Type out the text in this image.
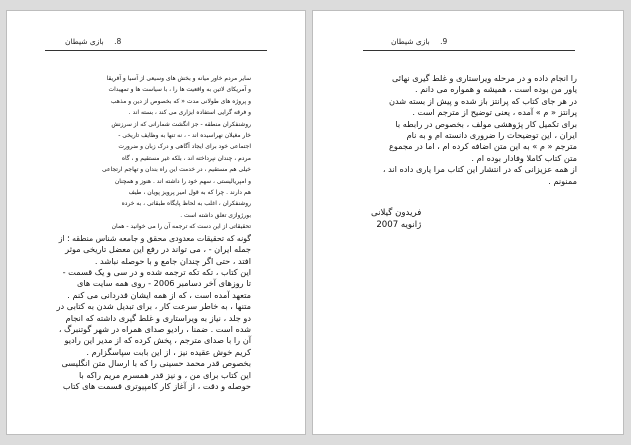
8. بازی شیطان

سایر مردم خاور میانه و بخش های وسیعی از آسیا و آفریقا

و آمریکای لاتین به واقعیت ها را ، با سیاست ها و تمهیدات

و پروژه های طولانی مدت « که بخصوص از دین و مذهب

و فرقه گرایی استفاده ابزاری می کند ، بسته اند .

روشنفکران منطقه - جز انگشت شمارانی که از سرزنش

خار مغیلان نهراسیده اند - ، نه تنها به وظایف تاریخی -

اجتماعی خود برای ایجاد آگاهی و درک زبان و ضرورت

مردم ، چندان نپرداخته اند ، بلکه غیر مستقیم و ، گاه

خیلی هم مستقیم ، در خدمت این راه بندان و تهاجم ارتجاعی

و امپریالیستی ، سهم خود را داشته اند . هنوز و همچنان

هم دارند . چرا که به قول امیر پرویز پویان ، طیف

روشنفکران ، اغلب به لحاظ پایگاه طبقاتی ، به خرده

بورژوازی تعلق داشته است .

تحقیقاتی از این دست که ترجمه آن را می خوانید - همان

گونه که تحقیقات معدودی محقق و جامعه شناس منطقه ؛ از

جمله ایران - ، می تواند در رفع این معضل تاریخی موثر

افتد ، حتی اگر چندان جامع و با حوصله نباشد .

این کتاب ، تکه تکه ترجمه شده و در سی و یک قسمت -

تا روزهای آخر دسامبر 2006 - روی همه سایت های

متعهد آمده است ، که از همه ایشان قدردانی می کنم .

متنها ، به خاطر سرعت کار ، برای تبدیل شدن به کتابی در

دو جلد ، نیاز به ویراستاری و غلط گیری داشته که انجام

شده است . ضمنا ، رادیو صدای همراه در شهر گوتنبرگ ،

آن را با صدای مترجم ، پخش کرده که از مدیر این رادیو

کریم خوش عقیده نیز ، از این بابت سپاسگزارم .

بخصوص قدر محمد حسینی را که با ارسال متن انگلیسی

این کتاب برای من ، و نیز قدر همسرم مریم راکه با

حوصله و دقت ، از آغاز کار کامپیوتری قسمت های کتاب

9. بازی شیطان

را انجام داده و در مرحله ویراستاری و غلط گیری نهائی

یاور من بوده است ، همیشه و همواره می دانم .

در هر جای کتاب که پرانتز باز شده و پیش از بسته شدن

پرانتز « م » آمده ، یعنی توضیح از مترجم است .

برای تکمیل کار پژوهشی مولف ، بخصوص در رابطه با

ایران ، این توضیحات را ضروری دانسته ام و به نام

مترجم « م » به این متن اضافه کرده ام ، اما در مجموع

متن کتاب کاملا وفادار بوده ام .

از همه عزیزانی که در انتشار این کتاب مرا یاری داده اند ،

ممنونم .

فریدون گیلانی
ژانویه 2007
